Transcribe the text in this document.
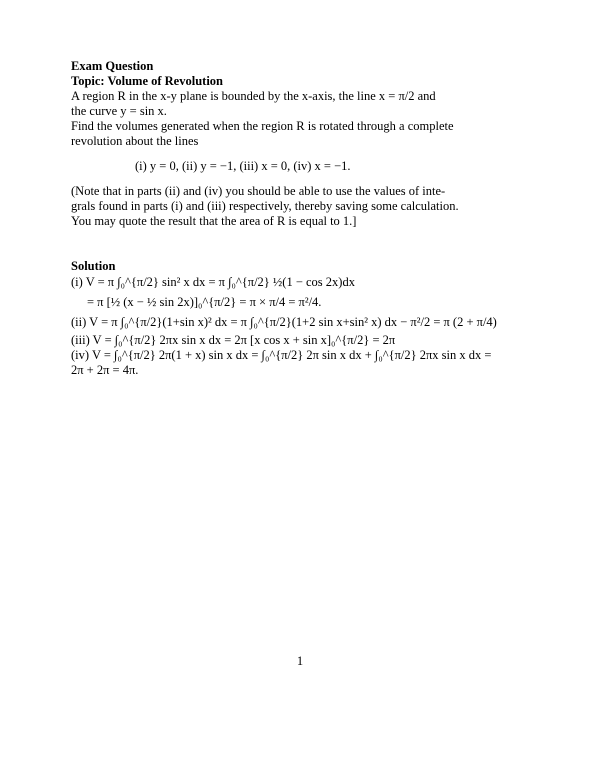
Exam Question
Topic: Volume of Revolution
A region R in the x-y plane is bounded by the x-axis, the line x = π/2 and
the curve y = sin x.
Find the volumes generated when the region R is rotated through a complete
revolution about the lines
(i) y = 0, (ii) y = −1, (iii) x = 0, (iv) x = −1.
(Note that in parts (ii) and (iv) you should be able to use the values of inte-
grals found in parts (i) and (iii) respectively, thereby saving some calculation.
You may quote the result that the area of R is equal to 1.]
Solution
(i) V = π ∫₀^{π/2} sin² x dx = π ∫₀^{π/2} ½(1 − cos 2x)dx
= π [½ (x − ½ sin 2x)]₀^{π/2} = π × π/4 = π²/4.
(ii) V = π ∫₀^{π/2}(1+sin x)² dx = π ∫₀^{π/2}(1+2 sin x+sin² x) dx − π²/2 = π (2 + π/4)
(iii) V = ∫₀^{π/2} 2πx sin x dx = 2π [x cos x + sin x]₀^{π/2} = 2π
(iv) V = ∫₀^{π/2} 2π(1 + x) sin x dx = ∫₀^{π/2} 2π sin x dx + ∫₀^{π/2} 2πx sin x dx =
2π + 2π = 4π.
1
